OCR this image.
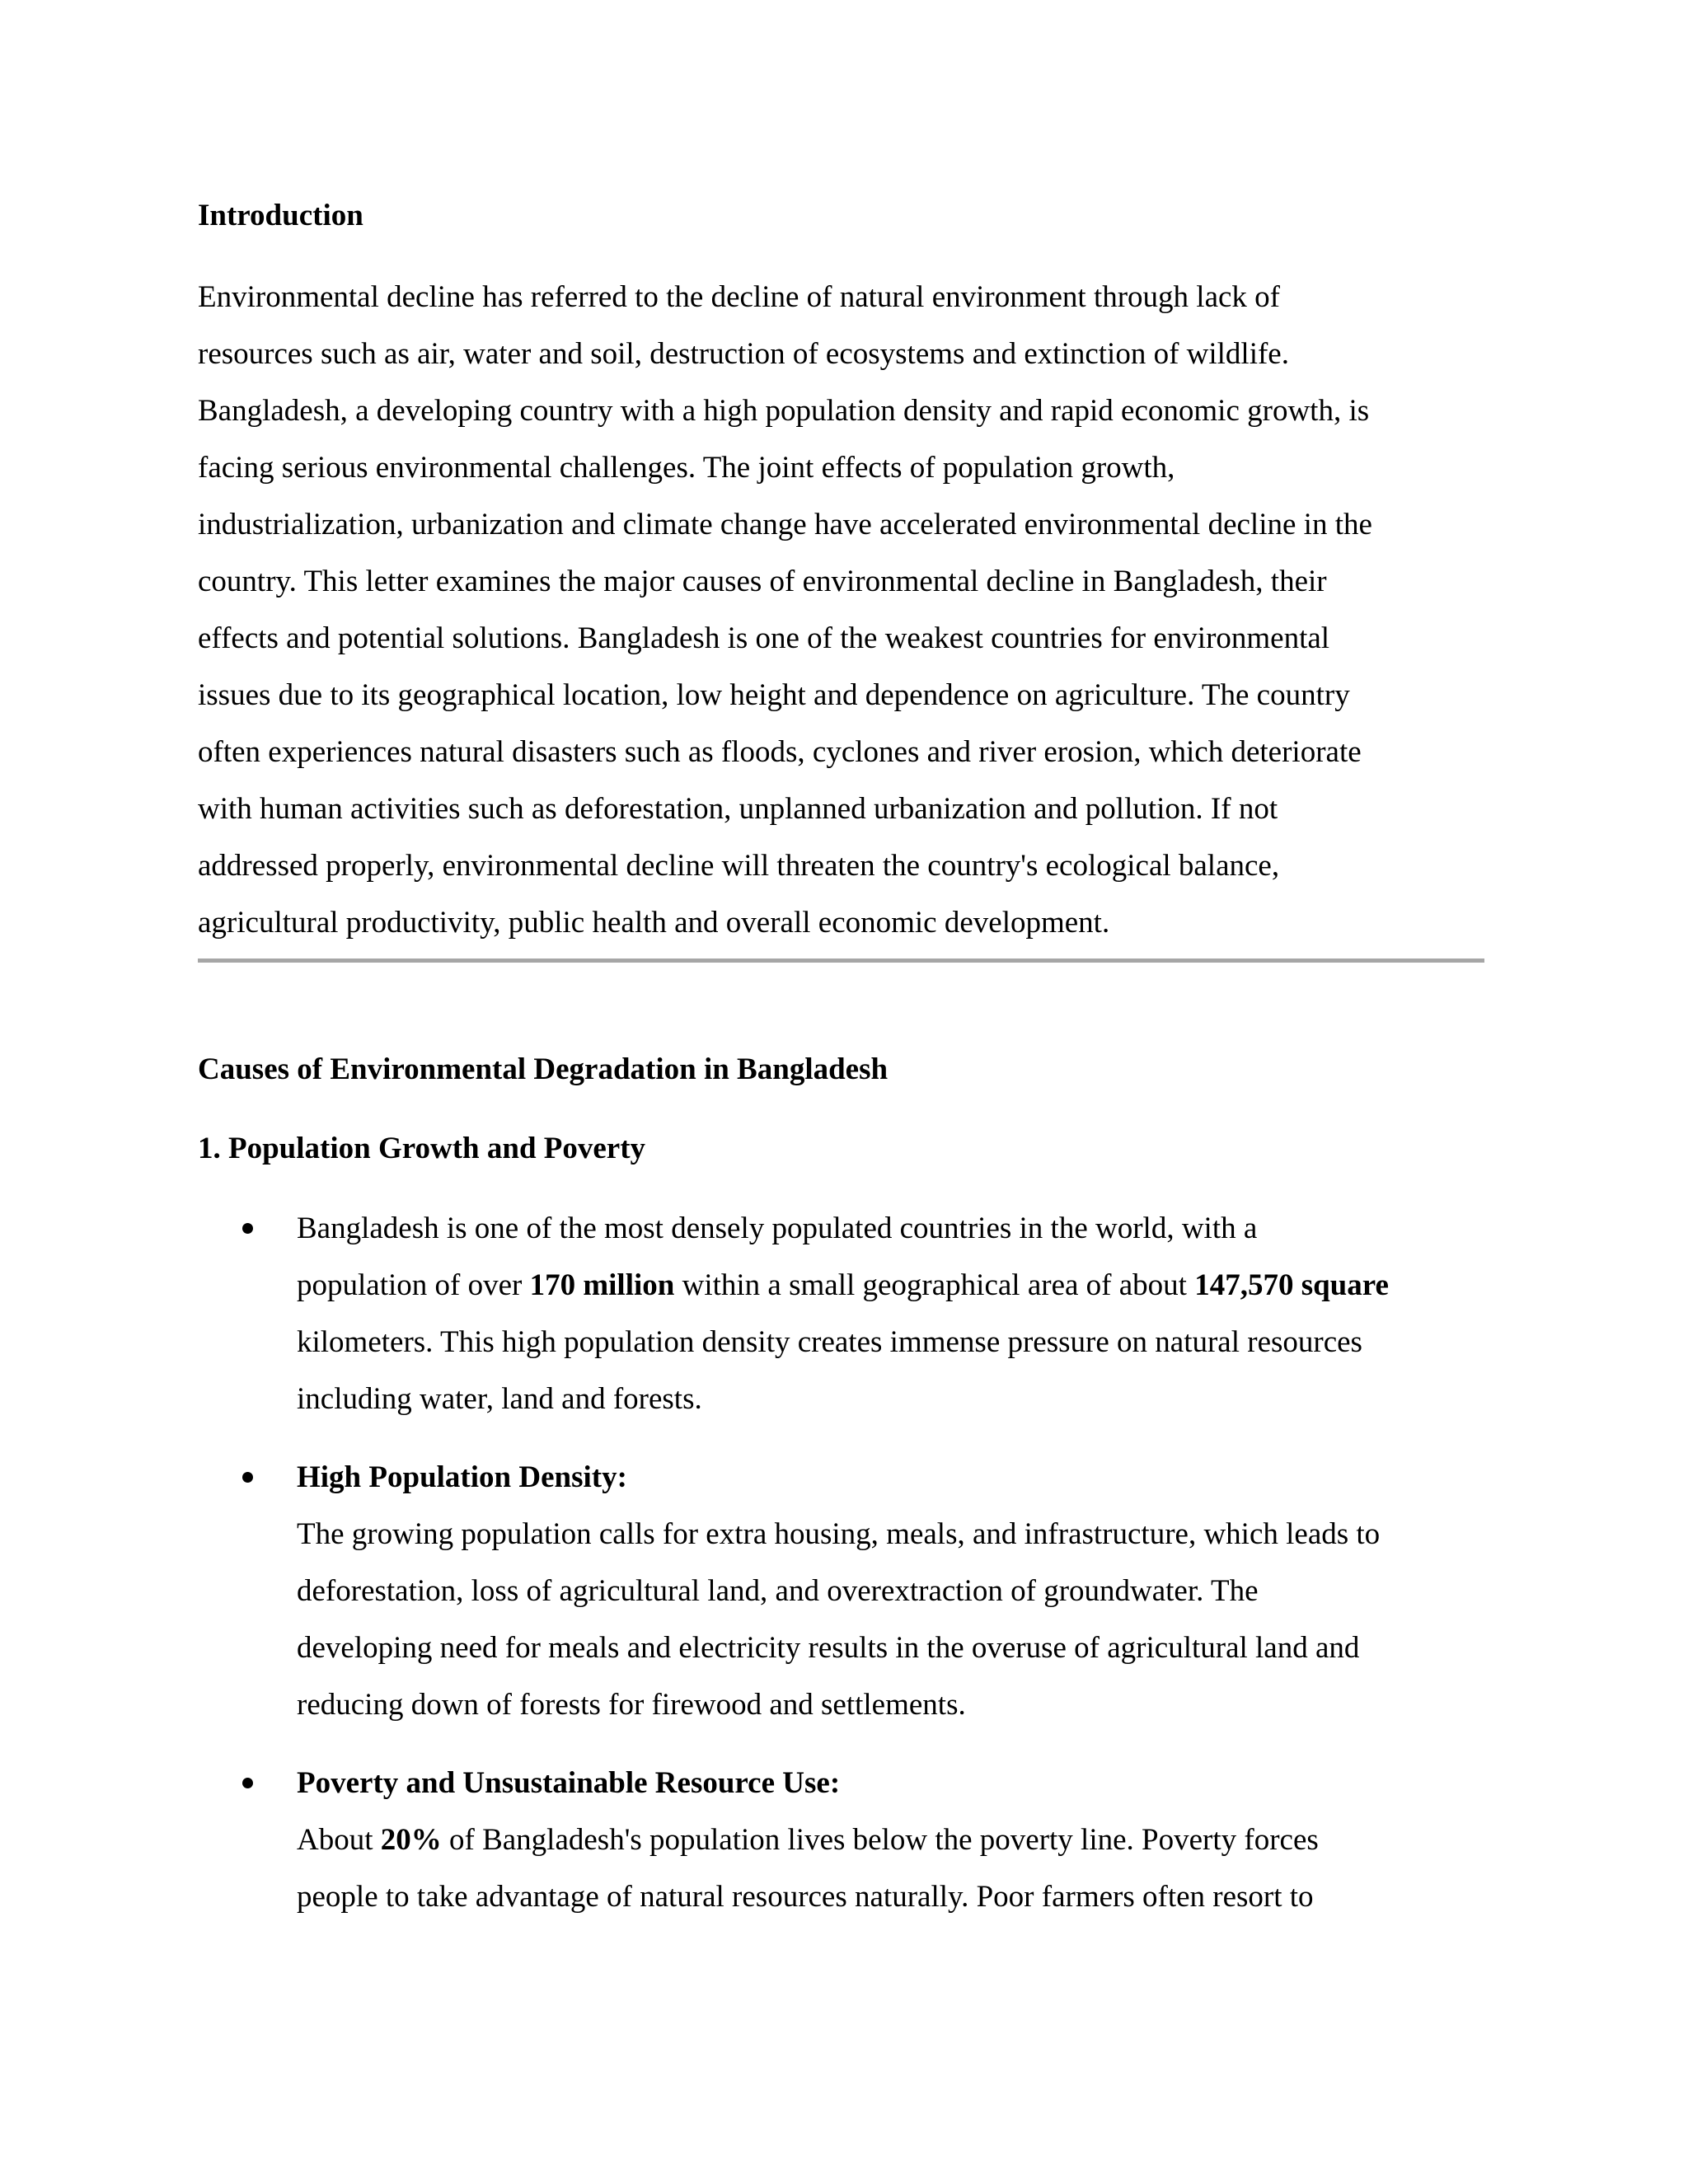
Introduction

Environmental decline has referred to the decline of natural environment through lack of
resources such as air, water and soil, destruction of ecosystems and extinction of wildlife.
Bangladesh, a developing country with a high population density and rapid economic growth, is
facing serious environmental challenges. The joint effects of population growth,
industrialization, urbanization and climate change have accelerated environmental decline in the
country. This letter examines the major causes of environmental decline in Bangladesh, their
effects and potential solutions. Bangladesh is one of the weakest countries for environmental
issues due to its geographical location, low height and dependence on agriculture. The country
often experiences natural disasters such as floods, cyclones and river erosion, which deteriorate
with human activities such as deforestation, unplanned urbanization and pollution. If not
addressed properly, environmental decline will threaten the country's ecological balance,
agricultural productivity, public health and overall economic development.

Causes of Environmental Degradation in Bangladesh
1. Population Growth and Poverty

Bangladesh is one of the most densely populated countries in the world, with a
population of over 170 million within a small geographical area of about 147,570 square
kilometers. This high population density creates immense pressure on natural resources
including water, land and forests.

High Population Density:
The growing population calls for extra housing, meals, and infrastructure, which leads to
deforestation, loss of agricultural land, and overextraction of groundwater. The
developing need for meals and electricity results in the overuse of agricultural land and
reducing down of forests for firewood and settlements.

Poverty and Unsustainable Resource Use:
About 20% of Bangladesh's population lives below the poverty line. Poverty forces
people to take advantage of natural resources naturally. Poor farmers often resort to
